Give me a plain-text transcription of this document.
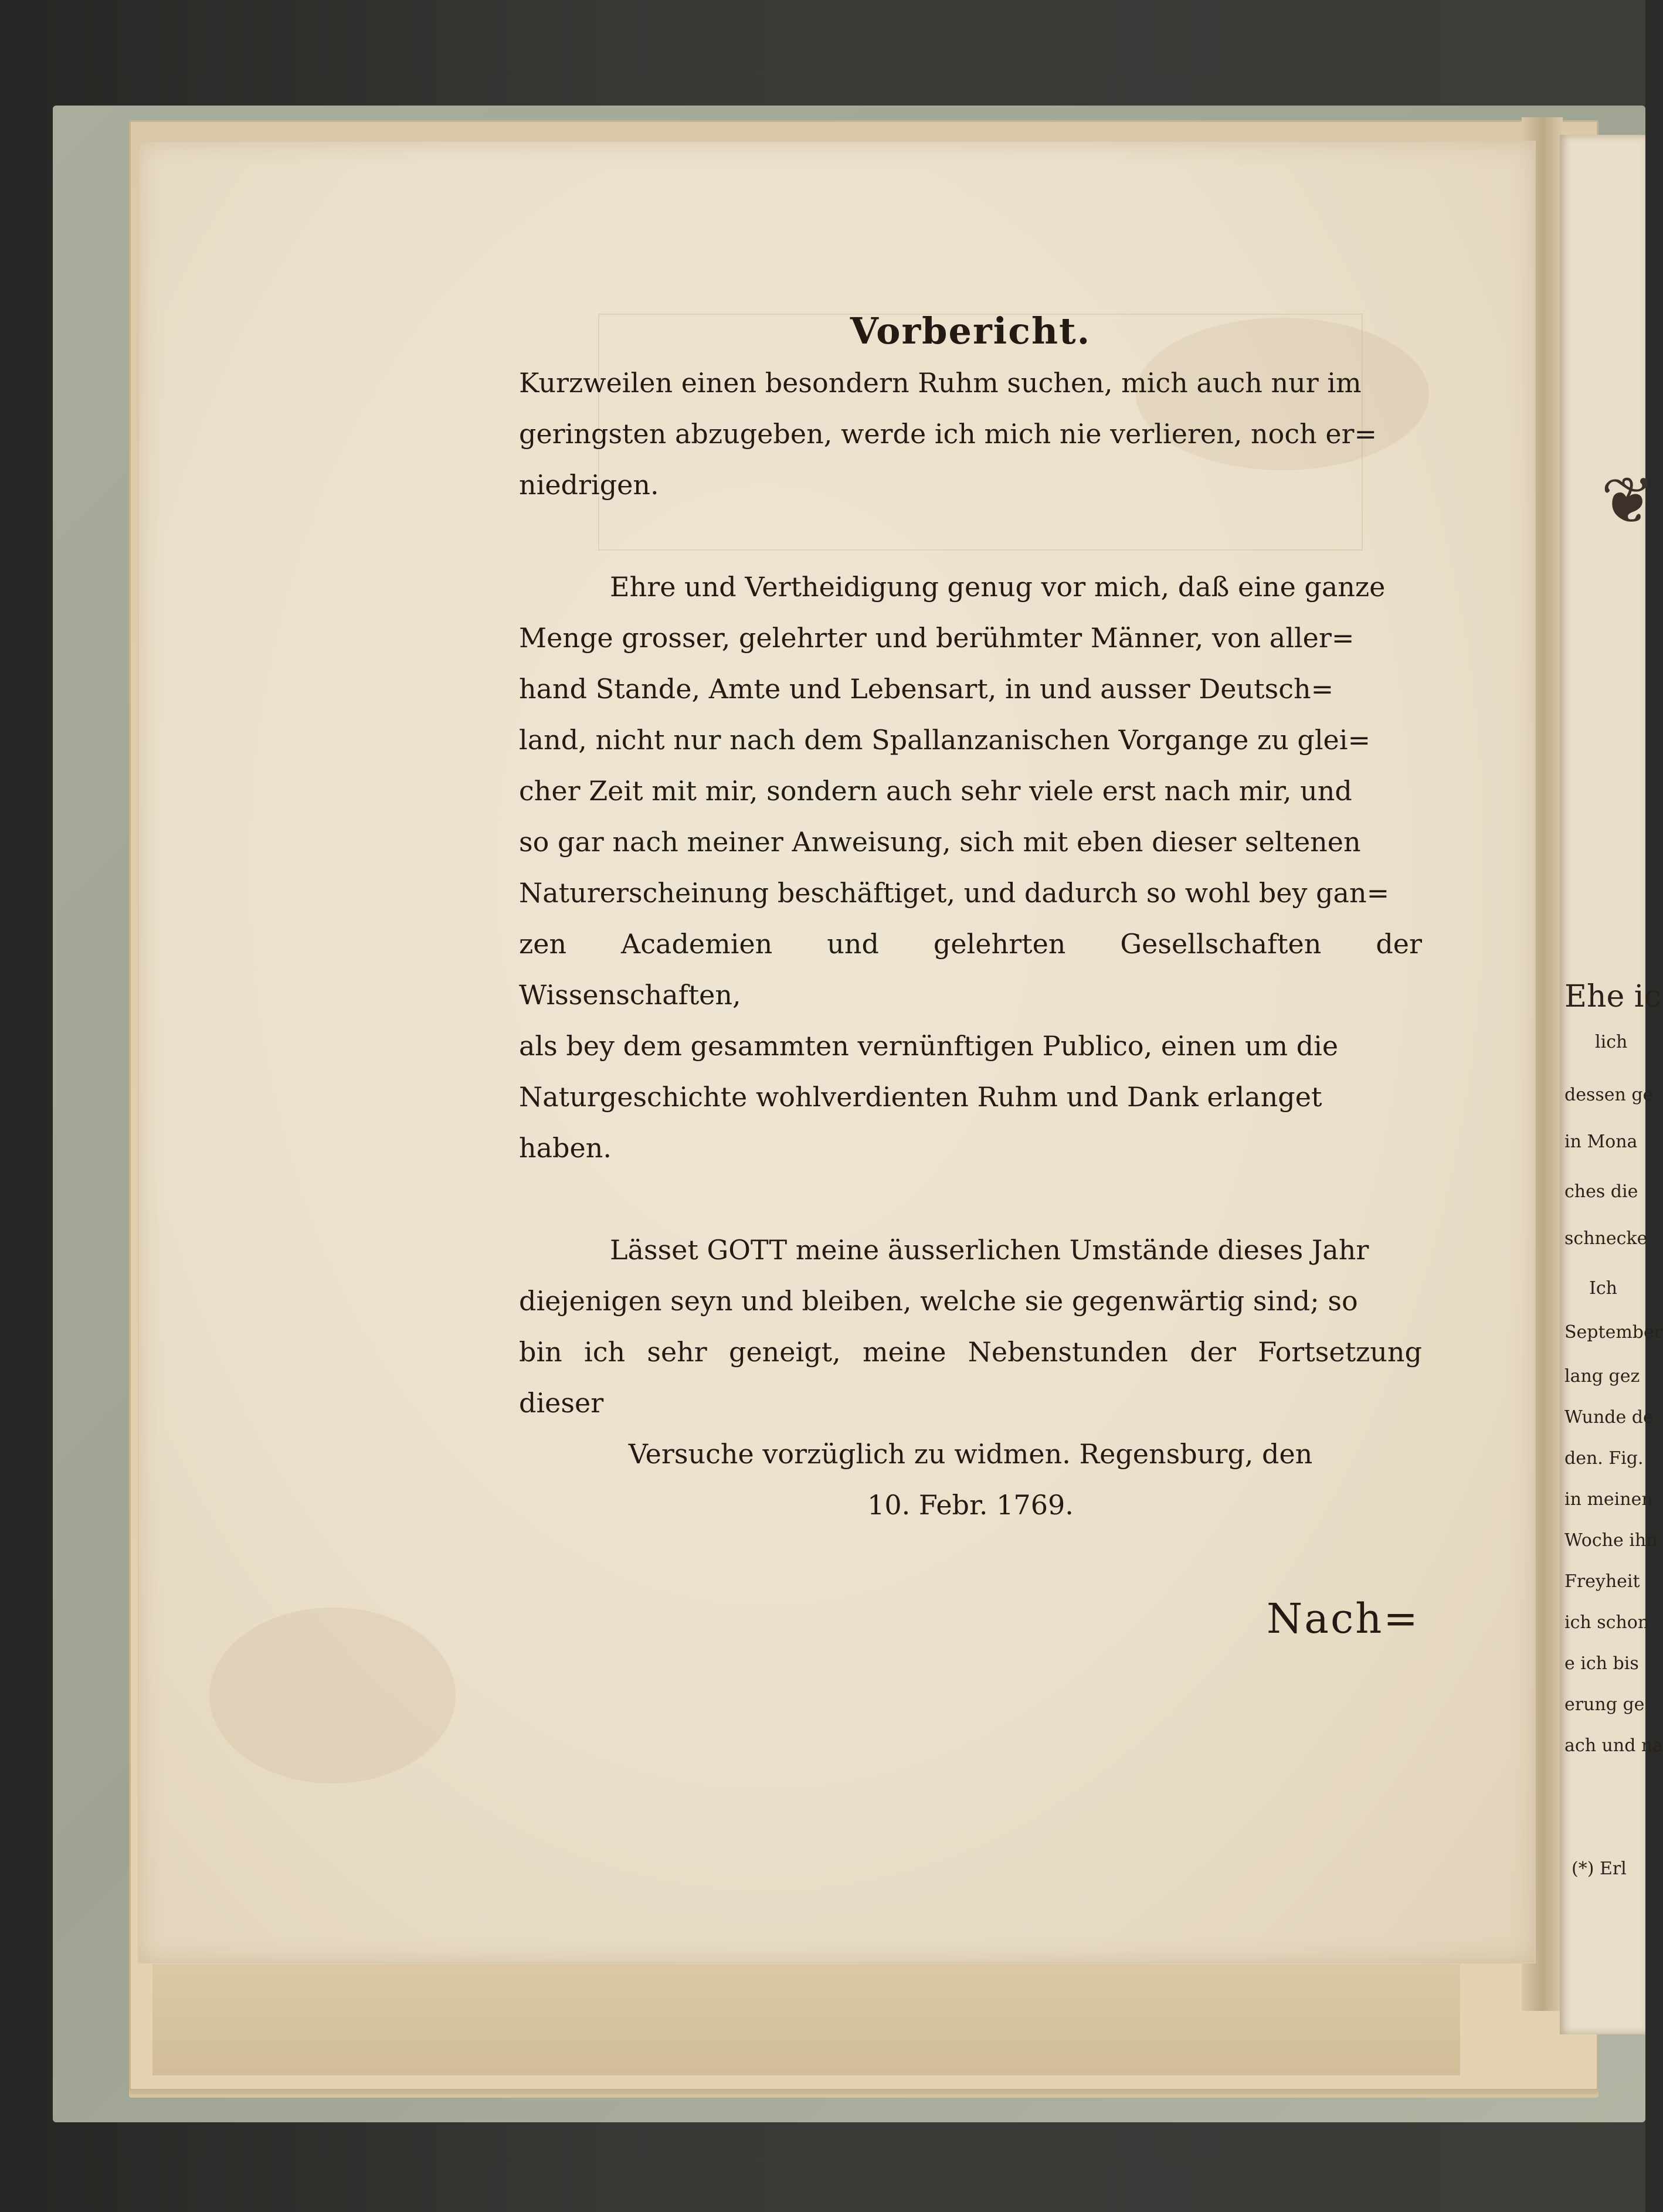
❦
Ehe ic
lich
dessen ge
in Mona
ches die
schnecke
Ich
September
lang gez
Wunde de
den. Fig.
in meinen
Woche ihn
Freyheit
ich schon
e ich bis
erung ge
ach und na
(*) Erl
Vorbericht.

Kurzweilen einen besondern Ruhm suchen, mich auch nur im

geringsten abzugeben, werde ich mich nie verlieren, noch er=

niedrigen.

Ehre und Vertheidigung genug vor mich, daß eine ganze

Menge grosser, gelehrter und berühmter Männer, von aller=

hand Stande, Amte und Lebensart, in und ausser Deutsch=

land, nicht nur nach dem Spallanzanischen Vorgange zu glei=

cher Zeit mit mir, sondern auch sehr viele erst nach mir, und

so gar nach meiner Anweisung, sich mit eben dieser seltenen

Naturerscheinung beschäftiget, und dadurch so wohl bey gan=

zen Academien und gelehrten Gesellschaften der Wissenschaften,

als bey dem gesammten vernünftigen Publico, einen um die

Naturgeschichte wohlverdienten Ruhm und Dank erlanget

haben.

Lässet GOTT meine äusserlichen Umstände dieses Jahr

diejenigen seyn und bleiben, welche sie gegenwärtig sind; so

bin ich sehr geneigt, meine Nebenstunden der Fortsetzung dieser

Versuche vorzüglich zu widmen. Regensburg, den

10. Febr. 1769.

Nach=
